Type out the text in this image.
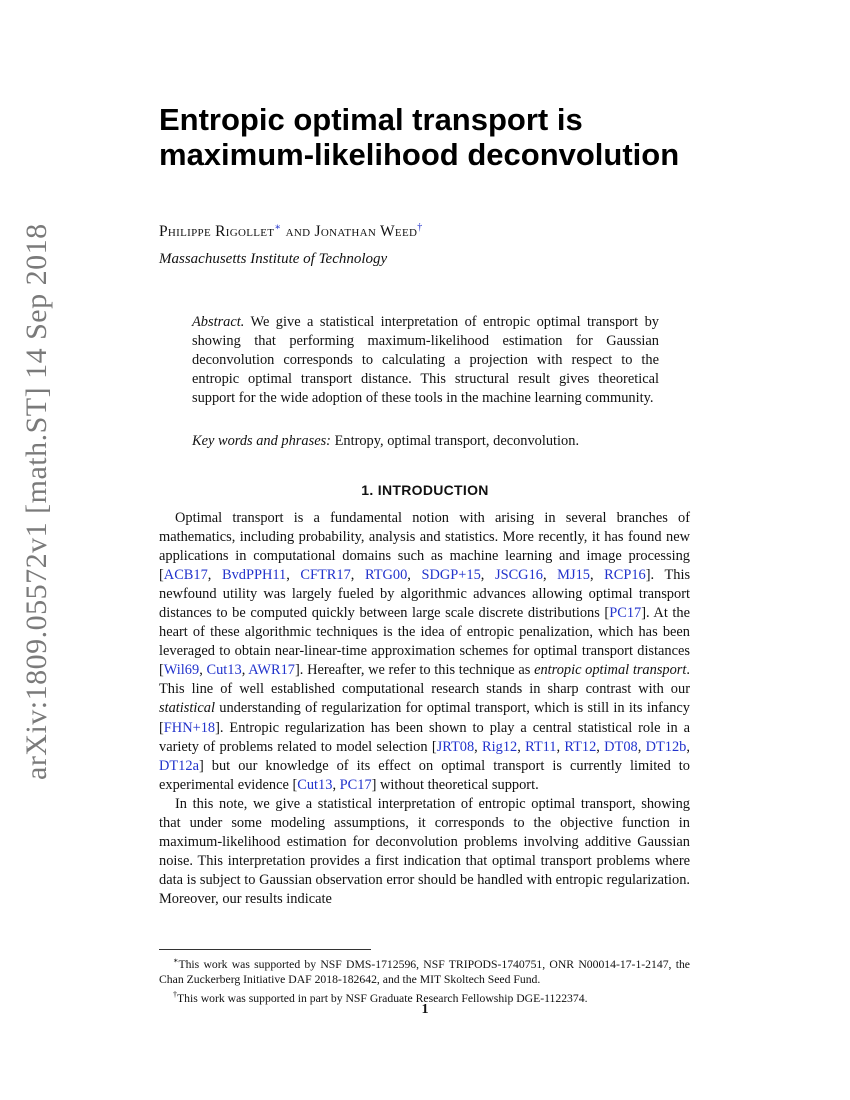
arXiv:1809.05572v1 [math.ST] 14 Sep 2018
Entropic optimal transport is maximum-likelihood deconvolution
Philippe Rigollet∗ and Jonathan Weed†
Massachusetts Institute of Technology
Abstract. We give a statistical interpretation of entropic optimal transport by showing that performing maximum-likelihood estimation for Gaussian deconvolution corresponds to calculating a projection with respect to the entropic optimal transport distance. This structural result gives theoretical support for the wide adoption of these tools in the machine learning community.
Key words and phrases: Entropy, optimal transport, deconvolution.
1. INTRODUCTION

Optimal transport is a fundamental notion with arising in several branches of mathematics, including probability, analysis and statistics. More recently, it has found new applications in computational domains such as machine learning and image processing [ACB17, BvdPPH11, CFTR17, RTG00, SDGP+15, JSCG16, MJ15, RCP16]. This newfound utility was largely fueled by algorithmic advances allowing optimal transport distances to be computed quickly between large scale discrete distributions [PC17]. At the heart of these algorithmic techniques is the idea of entropic penalization, which has been leveraged to obtain near-linear-time approximation schemes for optimal transport distances [Wil69, Cut13, AWR17]. Hereafter, we refer to this technique as entropic optimal transport. This line of well established computational research stands in sharp contrast with our statistical understanding of regularization for optimal transport, which is still in its infancy [FHN+18]. Entropic regularization has been shown to play a central statistical role in a variety of problems related to model selection [JRT08, Rig12, RT11, RT12, DT08, DT12b, DT12a] but our knowledge of its effect on optimal transport is currently limited to experimental evidence [Cut13, PC17] without theoretical support.

In this note, we give a statistical interpretation of entropic optimal transport, showing that under some modeling assumptions, it corresponds to the objective function in maximum-likelihood estimation for deconvolution problems involving additive Gaussian noise. This interpretation provides a first indication that optimal transport problems where data is subject to Gaussian observation error should be handled with entropic regularization. Moreover, our results indicate

∗This work was supported by NSF DMS-1712596, NSF TRIPODS-1740751, ONR N00014-17-1-2147, the Chan Zuckerberg Initiative DAF 2018-182642, and the MIT Skoltech Seed Fund.

†This work was supported in part by NSF Graduate Research Fellowship DGE-1122374.

1
